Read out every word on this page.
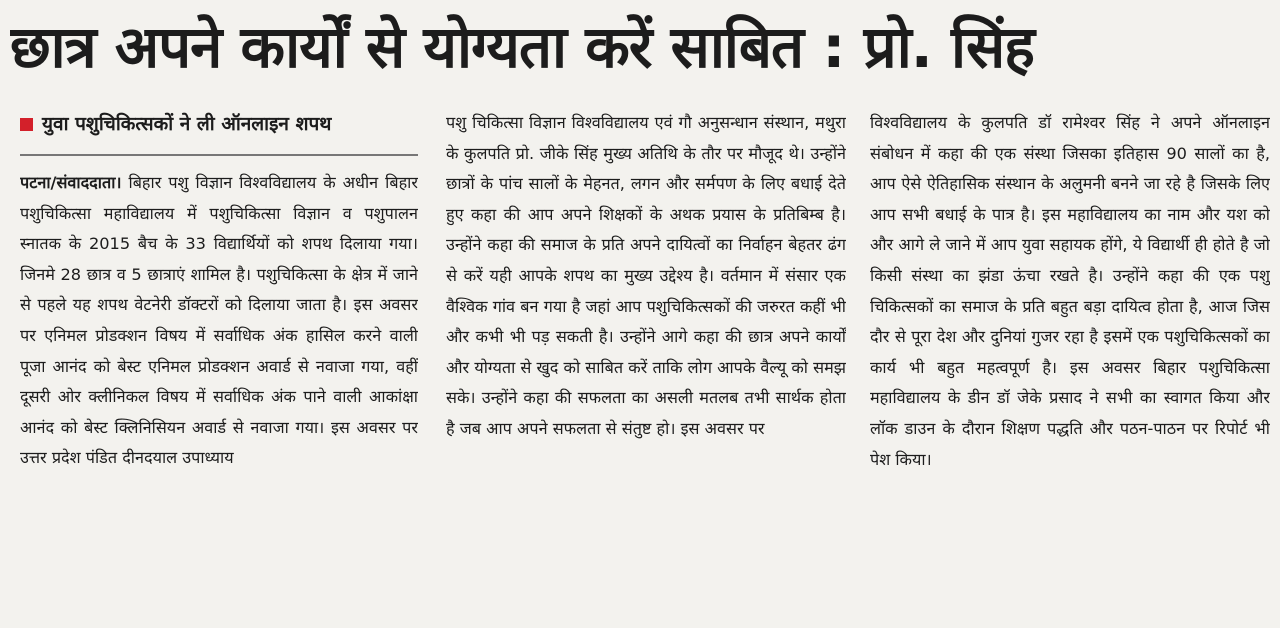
छात्र अपने कार्यों से योग्यता करें साबित : प्रो. सिंह
युवा पशुचिकित्सकों ने ली ऑनलाइन शपथ

पटना/संवाददाता। बिहार पशु विज्ञान विश्वविद्यालय के अधीन बिहार पशुचिकित्सा महाविद्यालय में पशुचिकित्सा विज्ञान व पशुपालन स्नातक के 2015 बैच के 33 विद्यार्थियों को शपथ दिलाया गया। जिनमे 28 छात्र व 5 छात्राएं शामिल है। पशुचिकित्सा के क्षेत्र में जाने से पहले यह शपथ वेटनेरी डॉक्टरों को दिलाया जाता है। इस अवसर पर एनिमल प्रोडक्शन विषय में सर्वाधिक अंक हासिल करने वाली पूजा आनंद को बेस्ट एनिमल प्रोडक्शन अवार्ड से नवाजा गया, वहीं दूसरी ओर क्लीनिकल विषय में सर्वाधिक अंक पाने वाली आकांक्षा आनंद को बेस्ट क्लिनिसियन अवार्ड से नवाजा गया। इस अवसर पर उत्तर प्रदेश पंडित दीनदयाल उपाध्याय

पशु चिकित्सा विज्ञान विश्वविद्यालय एवं गौ अनुसन्धान संस्थान, मथुरा के कुलपति प्रो. जीके सिंह मुख्य अतिथि के तौर पर मौजूद थे। उन्होंने छात्रों के पांच सालों के मेहनत, लगन और सर्मपण के लिए बधाई देते हुए कहा की आप अपने शिक्षकों के अथक प्रयास के प्रतिबिम्ब है। उन्होंने कहा की समाज के प्रति अपने दायित्वों का निर्वाहन बेहतर ढंग से करें यही आपके शपथ का मुख्य उद्देश्य है। वर्तमान में संसार एक वैश्विक गांव बन गया है जहां आप पशुचिकित्सकों की जरुरत कहीं भी और कभी भी पड़ सकती है। उन्होंने आगे कहा की छात्र अपने कार्यों और योग्यता से खुद को साबित करें ताकि लोग आपके वैल्यू को समझ सके। उन्होंने कहा की सफलता का असली मतलब तभी सार्थक होता है जब आप अपने सफलता से संतुष्ट हो। इस अवसर पर

विश्वविद्यालय के कुलपति डॉ रामेश्वर सिंह ने अपने ऑनलाइन संबोधन में कहा की एक संस्था जिसका इतिहास 90 सालों का है, आप ऐसे ऐतिहासिक संस्थान के अलुमनी बनने जा रहे है जिसके लिए आप सभी बधाई के पात्र है। इस महाविद्यालय का नाम और यश को और आगे ले जाने में आप युवा सहायक होंगे, ये विद्यार्थी ही होते है जो किसी संस्था का झंडा ऊंचा रखते है। उन्होंने कहा की एक पशु चिकित्सकों का समाज के प्रति बहुत बड़ा दायित्व होता है, आज जिस दौर से पूरा देश और दुनियां गुजर रहा है इसमें एक पशुचिकित्सकों का कार्य भी बहुत महत्वपूर्ण है। इस अवसर बिहार पशुचिकित्सा महाविद्यालय के डीन डॉ जेके प्रसाद ने सभी का स्वागत किया और लॉक डाउन के दौरान शिक्षण पद्धति और पठन-पाठन पर रिपोर्ट भी पेश किया।
